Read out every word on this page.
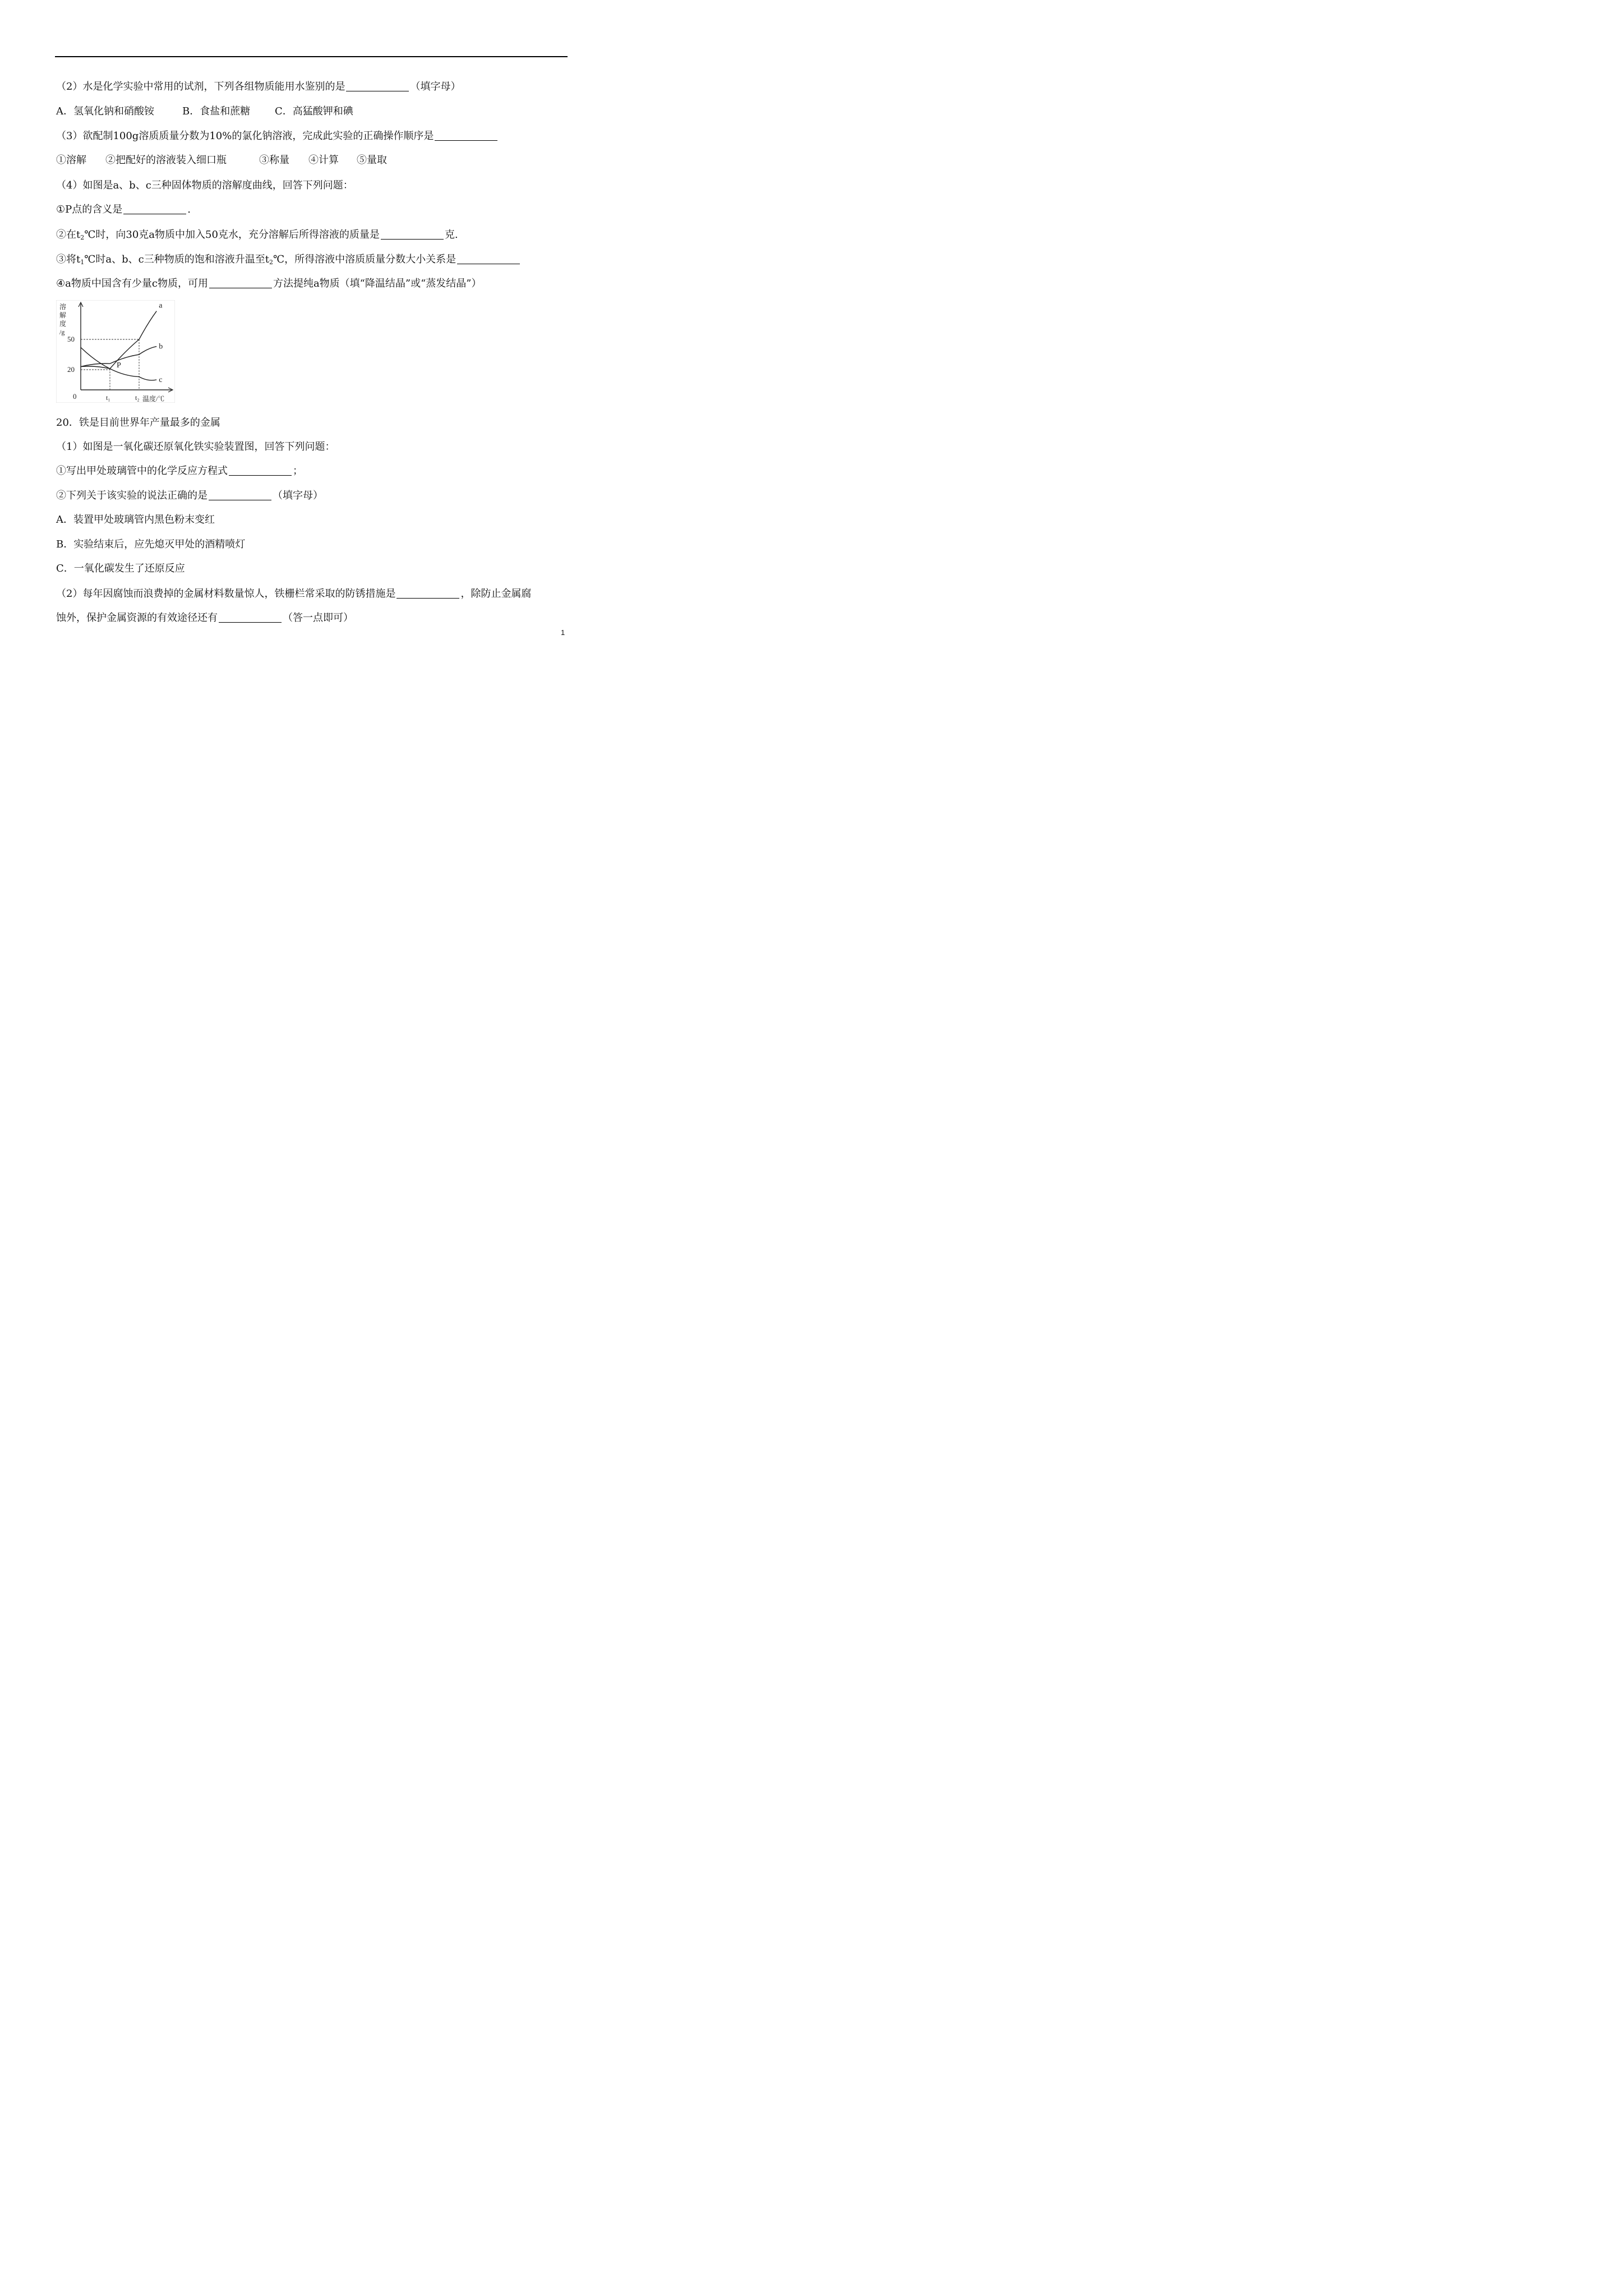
（2）水是化学实验中常用的试剂，下列各组物质能用水鉴别的是	（填字母）
A．氢氧化钠和硝酸铵	B．食盐和蔗糖 C．高猛酸钾和碘
（3）欲配制100g溶质质量分数为10%的氯化钠溶液，完成此实验的正确操作顺序是
①溶解 ②把配好的溶液装入细口瓶	③称量 ④计算 ⑤量取
（4）如图是a、b、c三种固体物质的溶解度曲线，回答下列问题：
①P点的含义是	.
②在$t_2℃$时，向30克a物质中加入50克水，充分溶解后所得溶液的质量是	克.
③将$t_1℃$时a、b、c三种物质的饱和溶液升温至$t_2℃$，所得溶液中溶质质量分数大小关系是
④a物质中国含有少量c物质，可用	方法提纯a物质（填“降温结晶”或“蒸发结晶”）
溶
解
度
/g
温度/℃
0
50
20
t₁	t₂
a
b
c
P
20．铁是目前世界年产量最多的金属
（1）如图是一氧化碳还原氧化铁实验装置图，回答下列问题：
①写出甲处玻璃管中的化学反应方程式	；
②下列关于该实验的说法正确的是	（填字母）
A．装置甲处玻璃管内黑色粉末变红
B．实验结束后，应先熄灭甲处的酒精喷灯
C．一氧化碳发生了还原反应
（2）每年因腐蚀而浪费掉的金属材料数量惊人，铁栅栏常采取的防锈措施是	，除防止金属腐
蚀外，保护金属资源的有效途径还有	（答一点即可）
1
